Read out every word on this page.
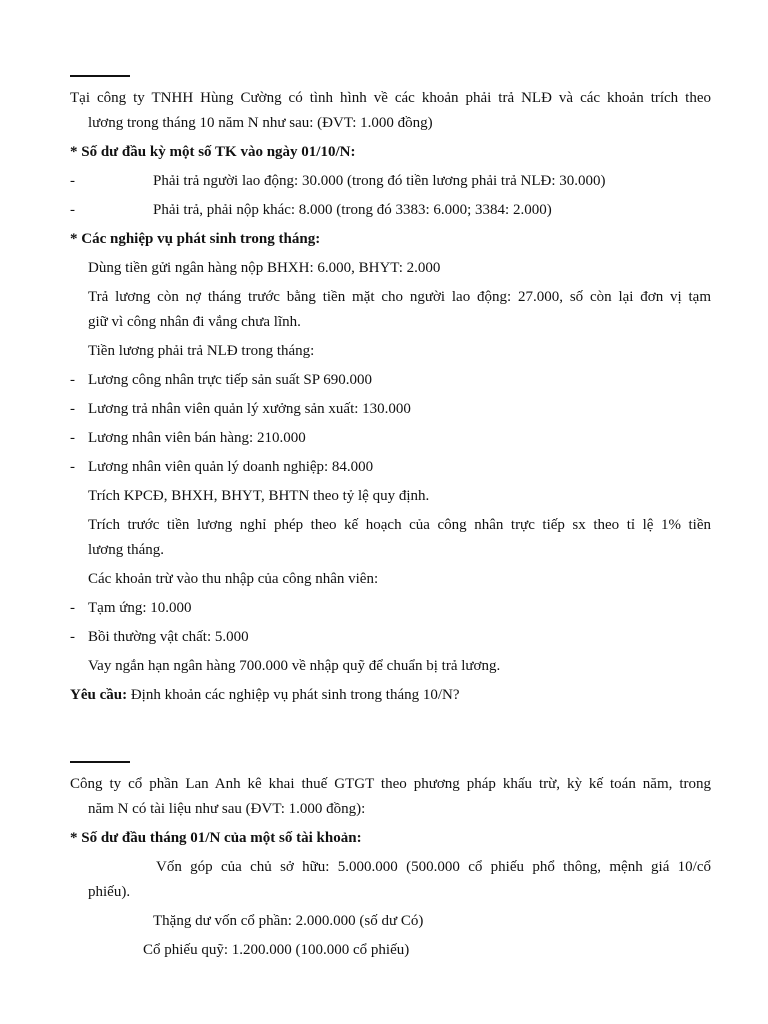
Tại công ty TNHH Hùng Cường có tình hình về các khoản phải trả NLĐ và các khoản trích theo
lương trong tháng 10 năm N như sau: (ĐVT: 1.000 đồng)
* Số dư đầu kỳ một số TK vào ngày 01/10/N:
-	Phải trả người lao động: 30.000 (trong đó tiền lương phải trả NLĐ: 30.000)
-	Phải trả, phải nộp khác: 8.000 (trong đó 3383: 6.000; 3384: 2.000)
* Các nghiệp vụ phát sinh trong tháng:
Dùng tiền gửi ngân hàng nộp BHXH: 6.000, BHYT: 2.000
Trả lương còn nợ tháng trước bằng tiền mặt cho người lao động: 27.000, số còn lại đơn vị tạm
giữ vì công nhân đi vắng chưa lĩnh.
Tiền lương phải trả NLĐ trong tháng:
- Lương công nhân trực tiếp sản suất SP 690.000
- Lương trả nhân viên quản lý xưởng sản xuất: 130.000
- Lương nhân viên bán hàng: 210.000
- Lương nhân viên quản lý doanh nghiệp: 84.000
Trích KPCĐ, BHXH, BHYT, BHTN theo tỷ lệ quy định.
Trích trước tiền lương nghỉ phép theo kế hoạch của công nhân trực tiếp sx theo tỉ lệ 1% tiền
lương tháng.
Các khoản trừ vào thu nhập của công nhân viên:
- Tạm ứng: 10.000
- Bồi thường vật chất: 5.000
Vay ngắn hạn ngân hàng 700.000 về nhập quỹ để chuẩn bị trả lương.
Yêu cầu: Định khoản các nghiệp vụ phát sinh trong tháng 10/N?
Công ty cổ phần Lan Anh kê khai thuế GTGT theo phương pháp khấu trừ, kỳ kế toán năm, trong
năm N có tài liệu như sau (ĐVT: 1.000 đồng):
* Số dư đầu tháng 01/N của một số tài khoản:
Vốn góp của chủ sở hữu: 5.000.000 (500.000 cổ phiếu phổ thông, mệnh giá 10/cổ
phiếu).
Thặng dư vốn cổ phần: 2.000.000 (số dư Có)
Cổ phiếu quỹ: 1.200.000 (100.000 cổ phiếu)
